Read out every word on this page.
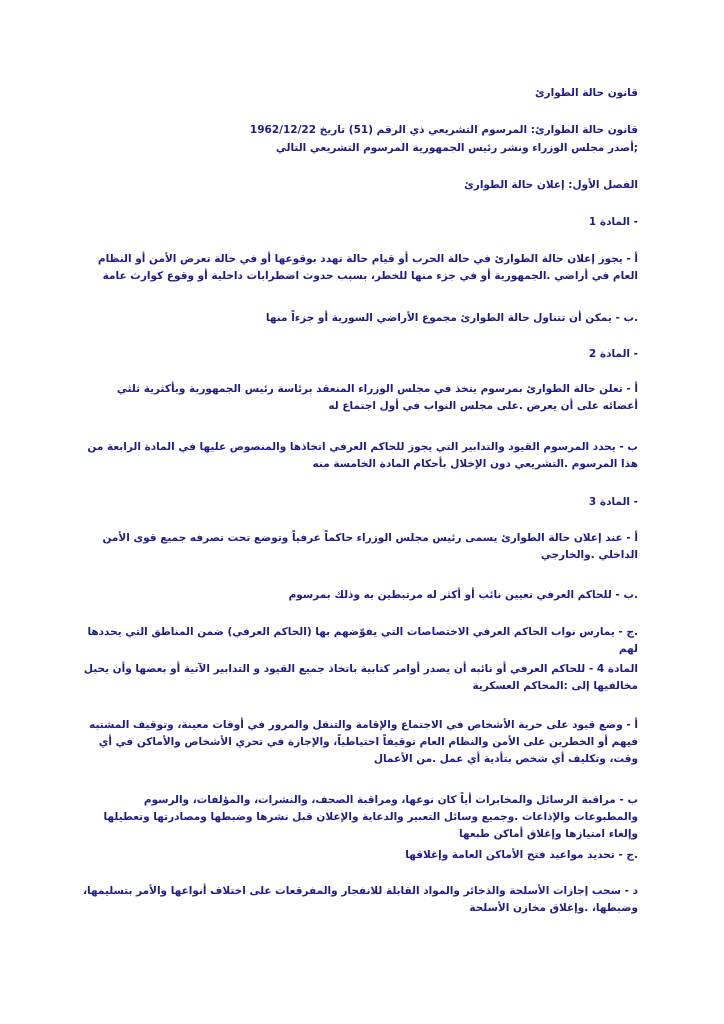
قانون حالة الطوارئ

قانون حالة الطوارئ: المرسوم التشريعي ذي الرقم (51) تاريخ 1962/12/22

;أصدر مجلس الوزراء ونشر رئيس الجمهورية المرسوم التشريعي التالي

الفصل الأول: إعلان حالة الطوارئ

- المادة 1

أ - يجوز إعلان حالة الطوارئ في حالة الحرب أو قيام حالة تهدد بوقوعها أو في حالة تعرض الأمن أو النظام العام في أراضي .الجمهورية أو في جزء منها للخطر، بسبب حدوث اضطرابات داخلية أو وقوع كوارث عامة

.ب - يمكن أن تتناول حالة الطوارئ مجموع الأراضي السورية أو جزءاً منها

- المادة 2

أ - تعلن حالة الطوارئ بمرسوم يتخذ في مجلس الوزراء المنعقد برئاسة رئيس الجمهورية وبأكثرية ثلثي أعضائه على أن يعرض .على مجلس النواب في أول اجتماع له

ب - يحدد المرسوم القيود والتدابير التي يجوز للحاكم العرفي اتخاذها والمنصوص عليها في المادة الرابعة من هذا المرسوم .التشريعي دون الإخلال بأحكام المادة الخامسة منه

- المادة 3

أ - عند إعلان حالة الطوارئ يسمى رئيس مجلس الوزراء حاكماً عرفياً وتوضع تحت تصرفه جميع قوى الأمن الداخلي .والخارجي

.ب - للحاكم العرفي تعيين نائب أو أكثر له مرتبطين به وذلك بمرسوم

.ج - يمارس نواب الحاكم العرفي الاختصاصات التي يفوّضهم بها (الحاكم العرفي) ضمن المناطق التي يحددها لهم

المادة 4 - للحاكم العرفي أو نائبه أن يصدر أوامر كتابية باتخاذ جميع القيود و التدابير الآتية أو بعضها وأن يحيل مخالفيها إلى :المحاكم العسكرية

أ - وضع قيود على حرية الأشخاص في الاجتماع والإقامة والتنقل والمرور في أوقات معينة، وتوقيف المشتبه فيهم أو الخطرين على الأمن والنظام العام توقيفاً احتياطياً، والإجازة في تحري الأشخاص والأماكن في أي وقت، وتكليف أي شخص بتأدية أي عمل .من الأعمال

ب - مراقبة الرسائل والمخابرات أياً كان نوعها، ومراقبة الصحف، والنشرات، والمؤلفات، والرسوم والمطبوعات والإذاعات .وجميع وسائل التعبير والدعاية والإعلان قبل نشرها وضبطها ومصادرتها وتعطيلها وإلغاء امتيازها وإغلاق أماكن طبعها

.ج - تحديد مواعيد فتح الأماكن العامة وإغلاقها

د - سحب إجازات الأسلحة والذخائر والمواد القابلة للانفجار والمفرقعات على اختلاف أنواعها والأمر بتسليمها، وضبطها، .وإغلاق مخازن الأسلحة
